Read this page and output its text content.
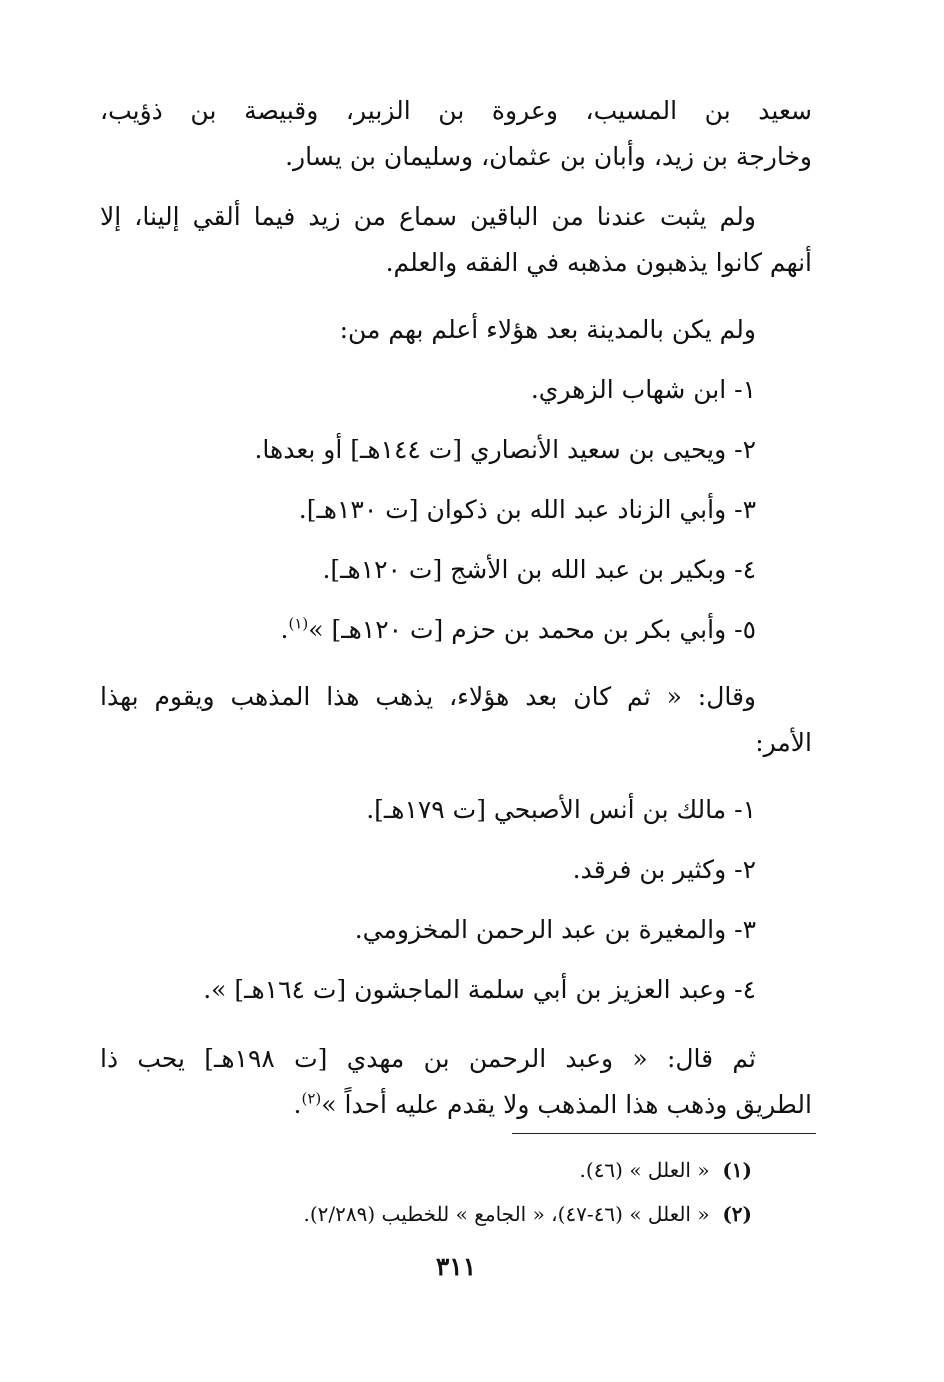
سعيد بن المسيب، وعروة بن الزبير، وقبيصة بن ذؤيب،
وخارجة بن زيد، وأبان بن عثمان، وسليمان بن يسار.
ولم يثبت عندنا من الباقين سماع من زيد فيما ألقي إلينا، إلا
أنهم كانوا يذهبون مذهبه في الفقه والعلم.
ولم يكن بالمدينة بعد هؤلاء أعلم بهم من:
١- ابن شهاب الزهري.
٢- ويحيى بن سعيد الأنصاري [ت ١٤٤هـ] أو بعدها.
٣- وأبي الزناد عبد الله بن ذكوان [ت ١٣٠هـ].
٤- وبكير بن عبد الله بن الأشج [ت ١٢٠هـ].
٥- وأبي بكر بن محمد بن حزم [ت ١٢٠هـ] »$^{(١)}$.
وقال: « ثم كان بعد هؤلاء، يذهب هذا المذهب ويقوم بهذا
الأمر:
١- مالك بن أنس الأصبحي [ت ١٧٩هـ].
٢- وكثير بن فرقد.
٣- والمغيرة بن عبد الرحمن المخزومي.
٤- وعبد العزيز بن أبي سلمة الماجشون [ت ١٦٤هـ] ».
ثم قال: « وعبد الرحمن بن مهدي [ت ١٩٨هـ] يحب ذا
الطريق وذهب هذا المذهب ولا يقدم عليه أحداً »$^{(٢)}$.
(١)  « العلل » (٤٦).
(٢)  « العلل » (٤٦-٤٧)، « الجامع » للخطيب (٢/٢٨٩).
٣١١
